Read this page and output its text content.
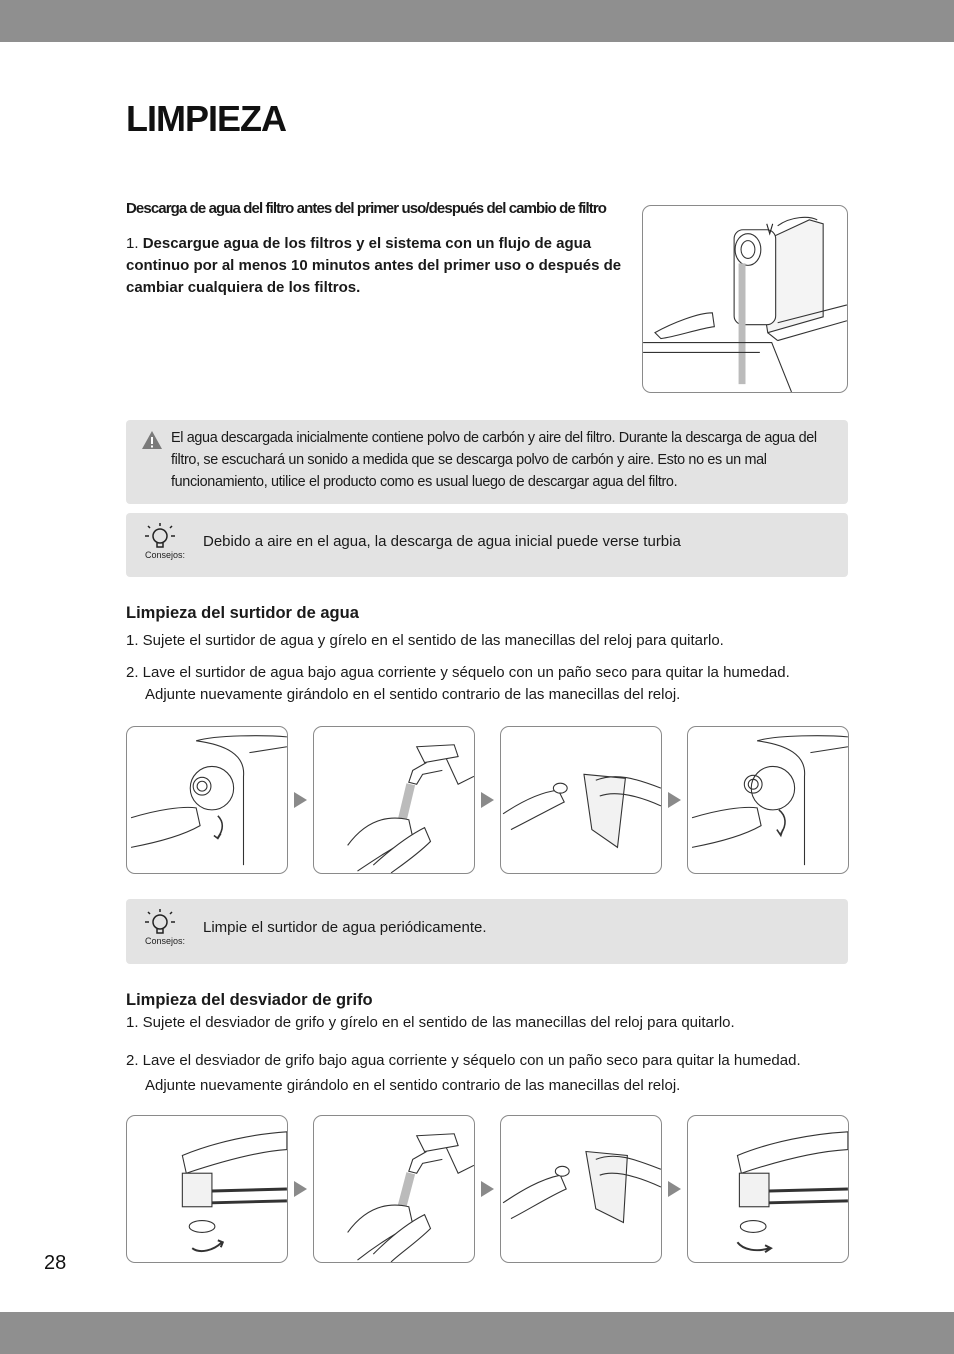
LIMPIEZA
Descarga de agua del filtro antes del primer uso/después del cambio de filtro
1. Descargue agua de los filtros y el sistema con un flujo de agua continuo por al menos 10 minutos antes del primer uso o después de cambiar cualquiera de los filtros.
El agua descargada inicialmente contiene polvo de carbón y aire del filtro. Durante la descarga de agua del filtro, se escuchará un sonido a medida que se descarga polvo de carbón y aire. Esto no es un mal funcionamiento, utilice el producto como es usual luego de descargar agua del filtro.
Consejos:
Debido a aire en el agua, la descarga de agua inicial puede verse turbia
Limpieza del surtidor de agua
1. Sujete el surtidor de agua y gírelo en el sentido de las manecillas del reloj para quitarlo.
2. Lave el surtidor de agua bajo agua corriente y séquelo con un paño seco para quitar la humedad.
Adjunte nuevamente girándolo en el sentido contrario de las manecillas del reloj.
Consejos:
Limpie el surtidor de agua periódicamente.
Limpieza del desviador de grifo
1. Sujete el desviador de grifo y gírelo en el sentido de las manecillas del reloj para quitarlo.
2. Lave el desviador de grifo bajo agua corriente y séquelo con un paño seco para quitar la humedad.
Adjunte nuevamente girándolo en el sentido contrario de las manecillas del reloj.
28
